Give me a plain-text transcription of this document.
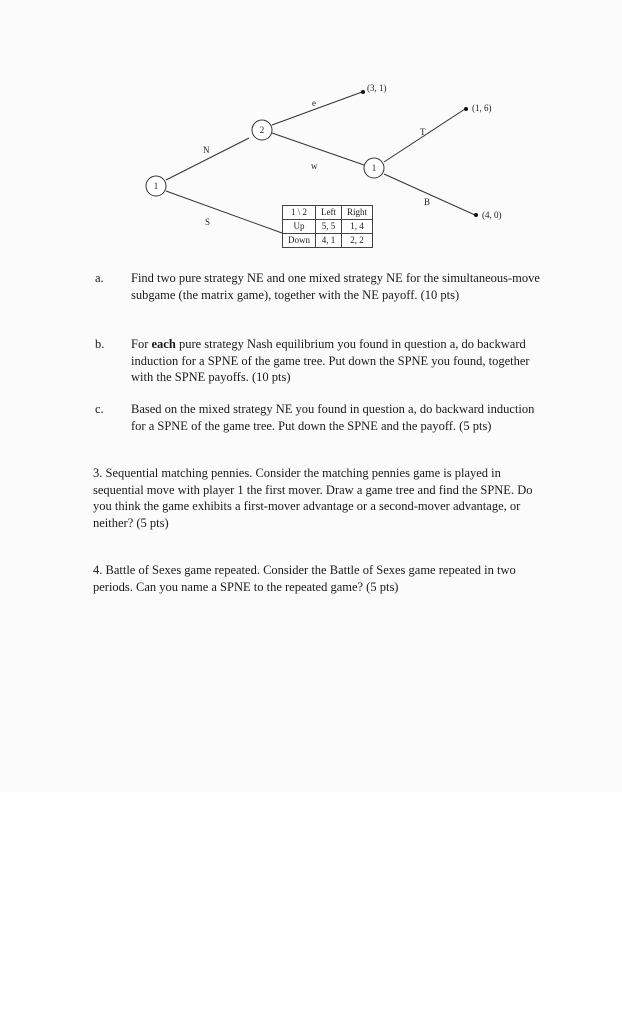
1
2
1
N
S
e
w
T
B
(3, 1)
(1, 6)
(4, 0)
1 \ 2	Left	Right
Up	5, 5	1, 4
Down	4, 1	2, 2

a. Find two pure strategy NE and one mixed strategy NE for the simultaneous-move subgame (the matrix game), together with the NE payoff. (10 pts)

b. For each pure strategy Nash equilibrium you found in question a, do backward induction for a SPNE of the game tree. Put down the SPNE you found, together with the SPNE payoffs. (10 pts)

c. Based on the mixed strategy NE you found in question a, do backward induction for a SPNE of the game tree. Put down the SPNE and the payoff. (5 pts)

3. Sequential matching pennies. Consider the matching pennies game is played in sequential move with player 1 the first mover. Draw a game tree and find the SPNE. Do you think the game exhibits a first-mover advantage or a second-mover advantage, or neither? (5 pts)

4. Battle of Sexes game repeated. Consider the Battle of Sexes game repeated in two periods. Can you name a SPNE to the repeated game? (5 pts)
